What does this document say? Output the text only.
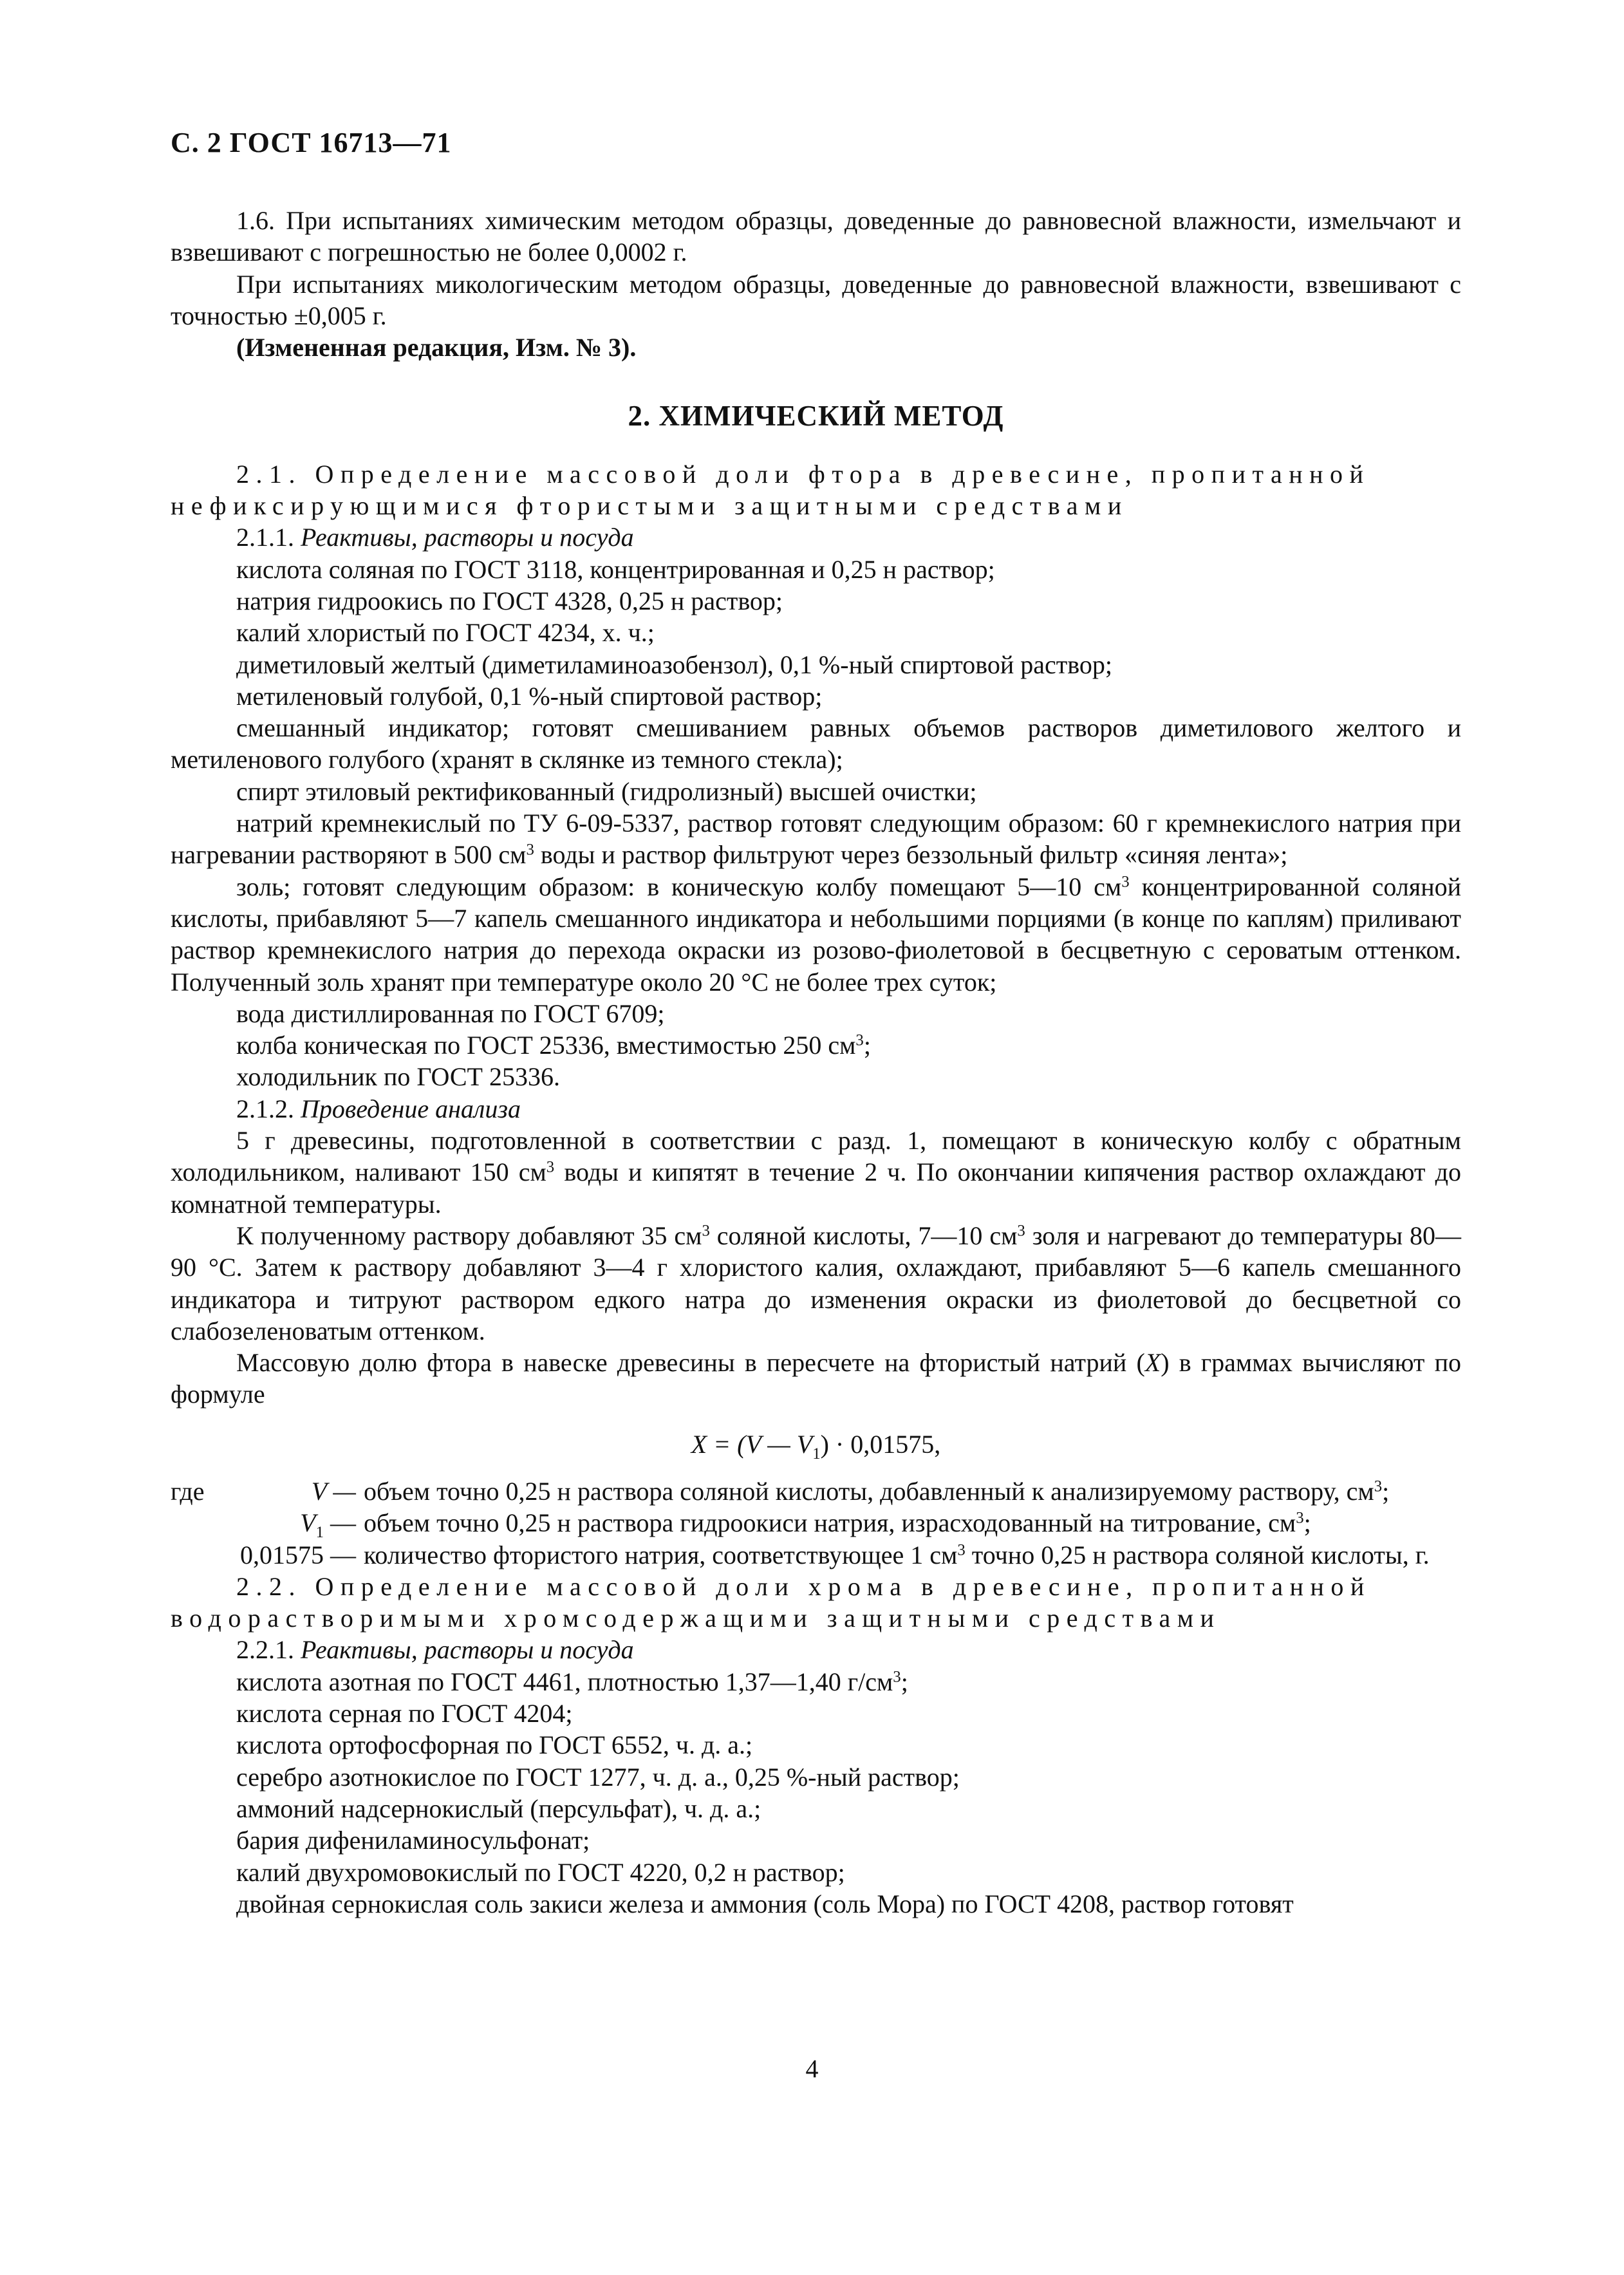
С. 2 ГОСТ 16713—71

1.6. При испытаниях химическим методом образцы, доведенные до равновесной влажности, измельчают и взвешивают с погрешностью не более 0,0002 г.

При испытаниях микологическим методом образцы, доведенные до равновесной влажности, взвешивают с точностью ±0,005 г.

(Измененная редакция, Изм. № 3).

2. ХИМИЧЕСКИЙ МЕТОД

2.1. Определение массовой доли фтора в древесине, пропитанной нефиксирующимися фтористыми защитными средствами

2.1.1. Реактивы, растворы и посуда

кислота соляная по ГОСТ 3118, концентрированная и 0,25 н раствор;

натрия гидроокись по ГОСТ 4328, 0,25 н раствор;

калий хлористый по ГОСТ 4234, х. ч.;

диметиловый желтый (диметиламиноазобензол), 0,1 %-ный спиртовой раствор;

метиленовый голубой, 0,1 %-ный спиртовой раствор;

смешанный индикатор; готовят смешиванием равных объемов растворов диметилового желтого и метиленового голубого (хранят в склянке из темного стекла);

спирт этиловый ректификованный (гидролизный) высшей очистки;

натрий кремнекислый по ТУ 6-09-5337, раствор готовят следующим образом: 60 г кремнекислого натрия при нагревании растворяют в 500 $см^3$ воды и раствор фильтруют через беззольный фильтр «синяя лента»;

золь; готовят следующим образом: в коническую колбу помещают 5—10 $см^3$ концентрированной соляной кислоты, прибавляют 5—7 капель смешанного индикатора и небольшими порциями (в конце по каплям) приливают раствор кремнекислого натрия до перехода окраски из розово-фиолетовой в бесцветную с сероватым оттенком. Полученный золь хранят при температуре около 20 °С не более трех суток;

вода дистиллированная по ГОСТ 6709;

колба коническая по ГОСТ 25336, вместимостью 250 $см^3$;

холодильник по ГОСТ 25336.

2.1.2. Проведение анализа

5 г древесины, подготовленной в соответствии с разд. 1, помещают в коническую колбу с обратным холодильником, наливают 150 $см^3$ воды и кипятят в течение 2 ч. По окончании кипячения раствор охлаждают до комнатной температуры.

К полученному раствору добавляют 35 $см^3$ соляной кислоты, 7—10 $см^3$ золя и нагревают до температуры 80—90 °С. Затем к раствору добавляют 3—4 г хлористого калия, охлаждают, прибавляют 5—6 капель смешанного индикатора и титруют раствором едкого натра до изменения окраски из фиолетовой до бесцветной со слабозеленоватым оттенком.

Массовую долю фтора в навеске древесины в пересчете на фтористый натрий (X) в граммах вычисляют по формуле

X = (V — $V_1) \cdot 0,01575$,

где	V — объем точно 0,25 н раствора соляной кислоты, добавленный к анализируемому раствору, $см^3$;
$V_1$ — объем точно 0,25 н раствора гидроокиси натрия, израсходованный на титрование, $см^3$;
0,01575 — количество фтористого натрия, соответствующее 1 $см^3$ точно 0,25 н раствора соляной кислоты, г.

2.2. Определение массовой доли хрома в древесине, пропитанной водорастворимыми хромсодержащими защитными средствами

2.2.1. Реактивы, растворы и посуда

кислота азотная по ГОСТ 4461, плотностью 1,37—1,40 $г/см^3$;

кислота серная по ГОСТ 4204;

кислота ортофосфорная по ГОСТ 6552, ч. д. а.;

серебро азотнокислое по ГОСТ 1277, ч. д. а., 0,25 %-ный раствор;

аммоний надсернокислый (персульфат), ч. д. а.;

бария дифениламиносульфонат;

калий двухромовокислый по ГОСТ 4220, 0,2 н раствор;

двойная сернокислая соль закиси железа и аммония (соль Мора) по ГОСТ 4208, раствор готовят

4
